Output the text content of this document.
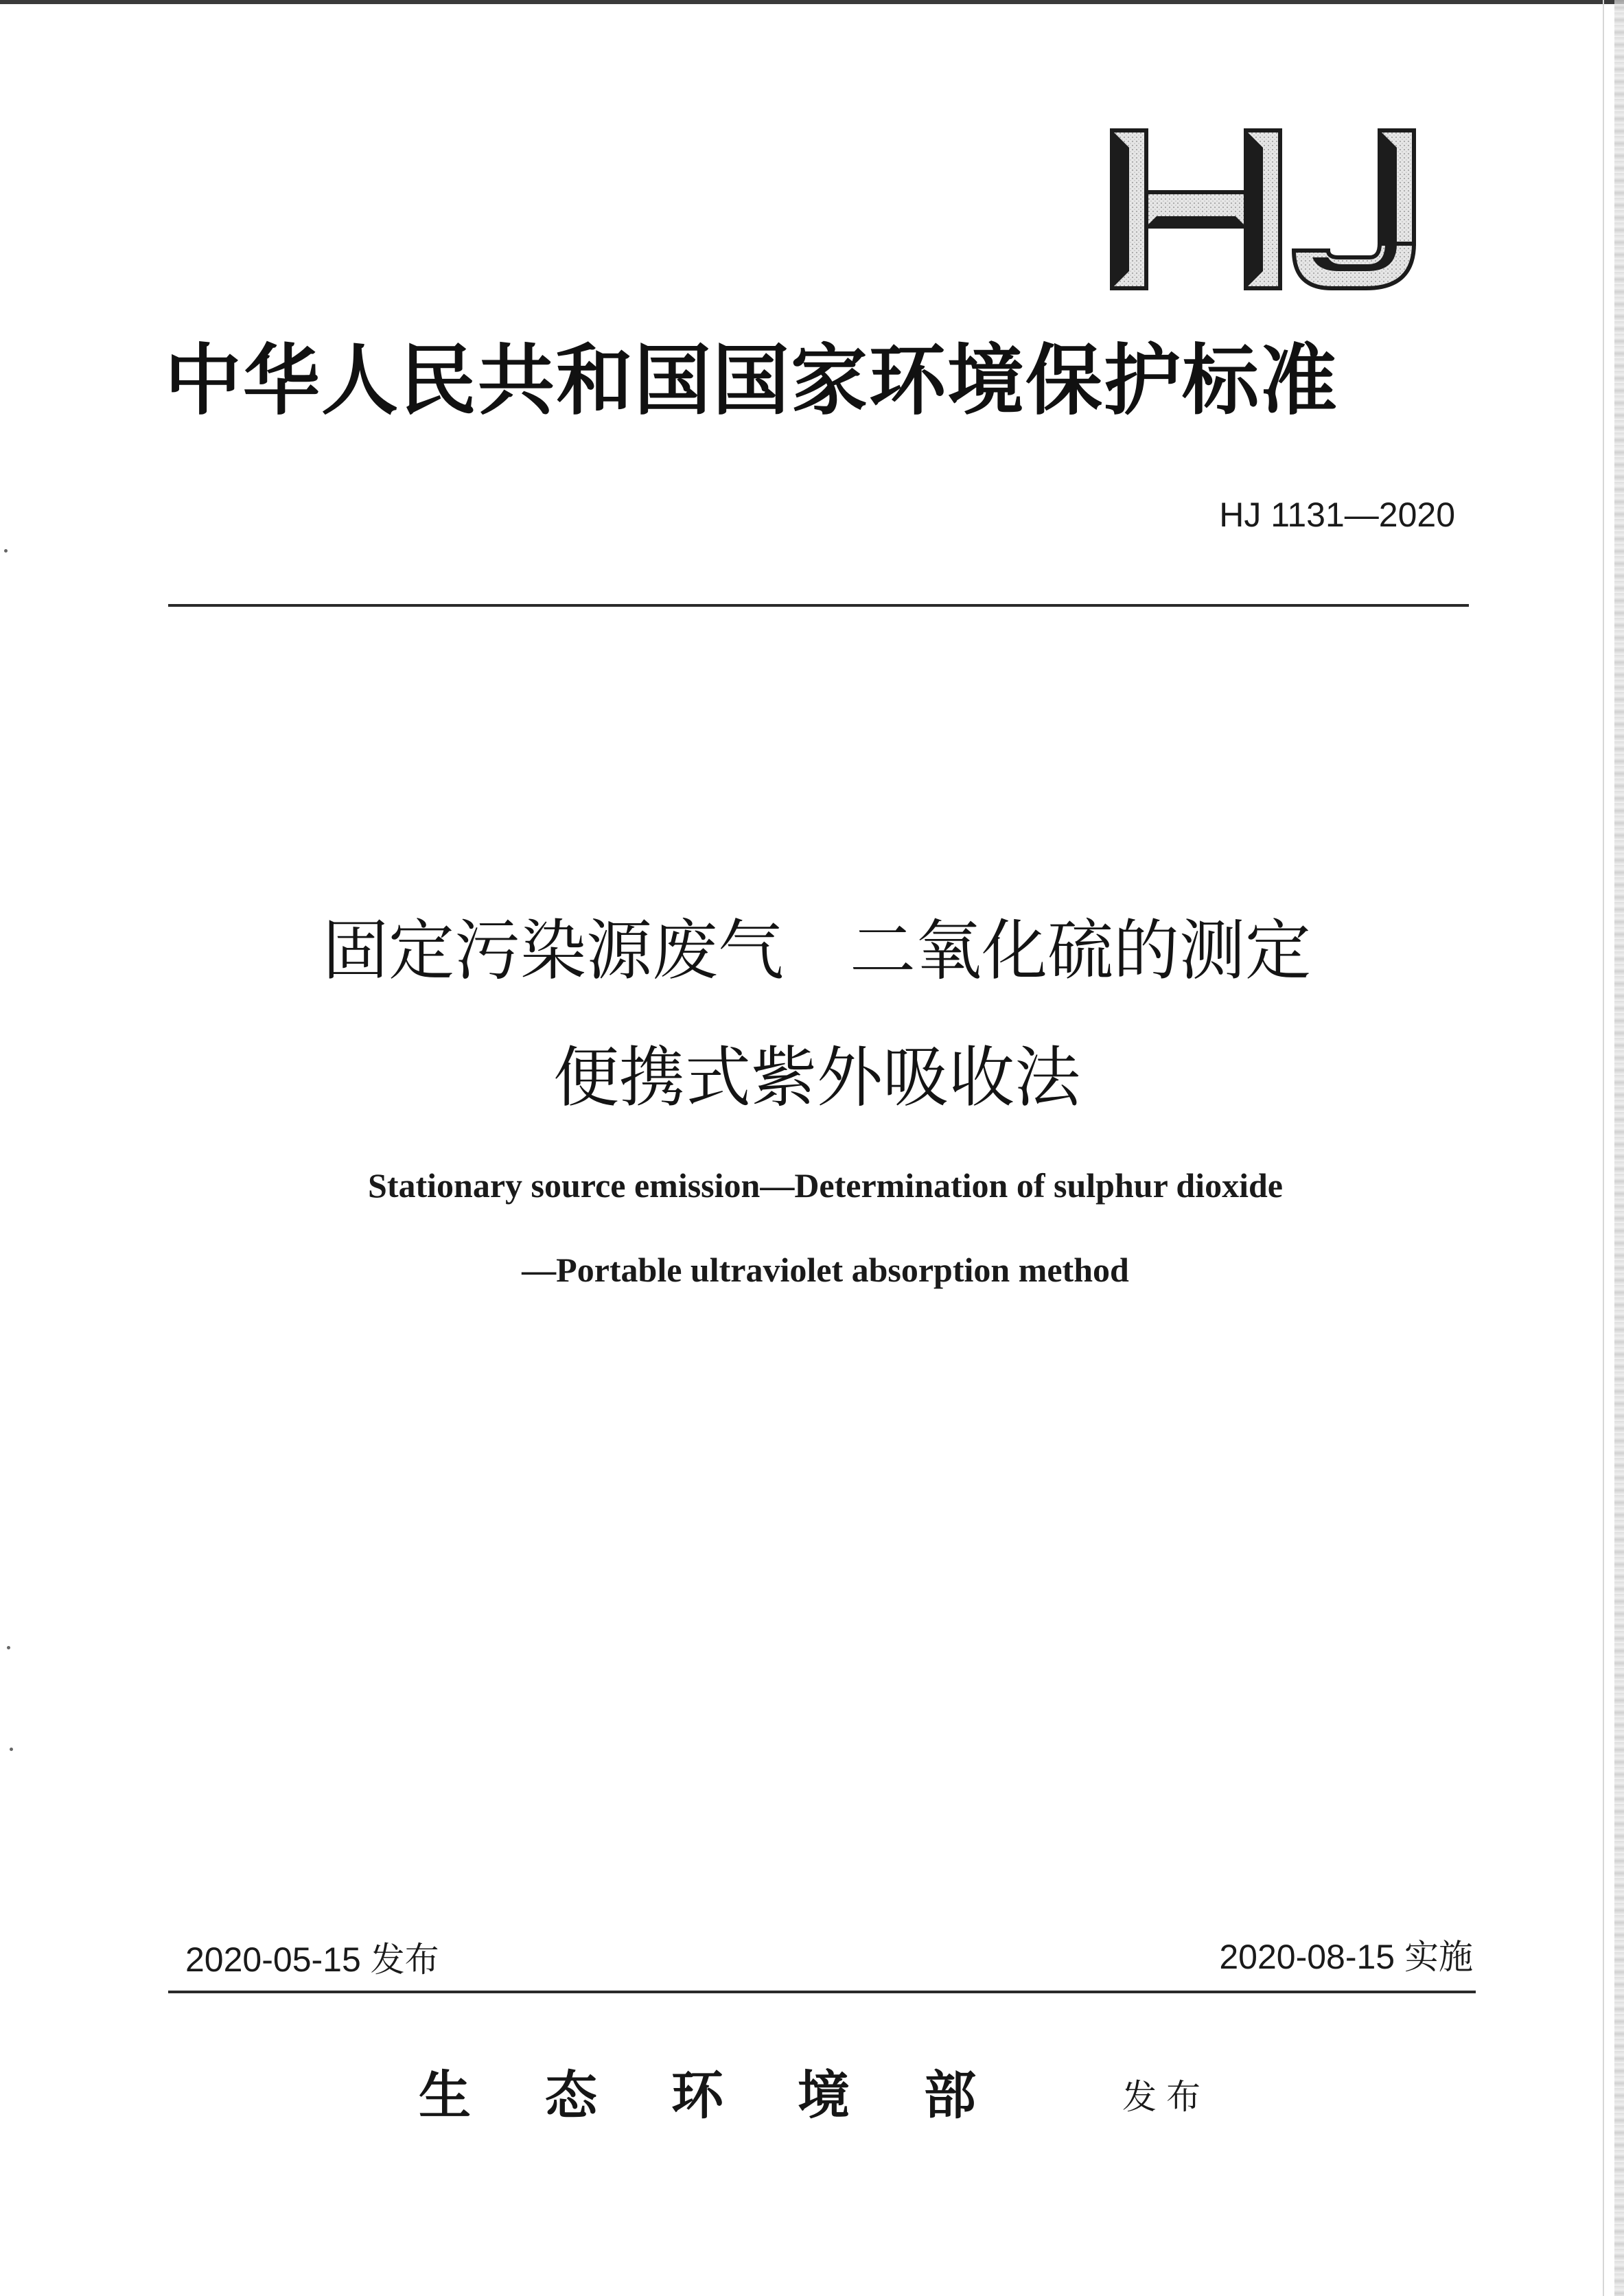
中华人民共和国国家环境保护标准
HJ 1131—2020
固定污染源废气　二氧化硫的测定
便携式紫外吸收法
Stationary source emission—Determination of sulphur dioxide
—Portable ultraviolet absorption method
2020-05-15 发布	2020-08-15 实施
生态环境部	发布
